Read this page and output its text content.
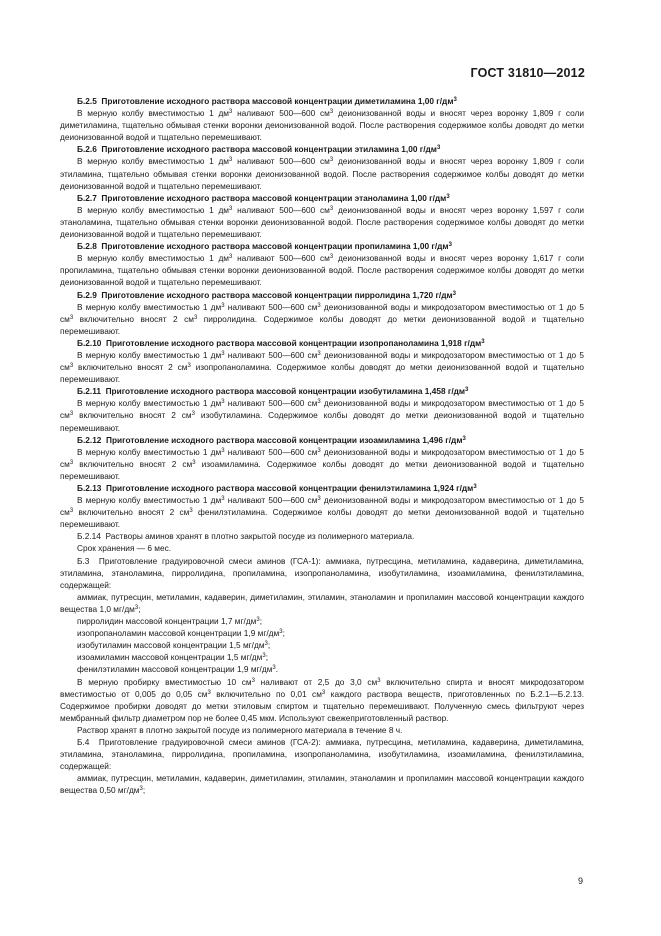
ГОСТ 31810—2012

Б.2.5  Приготовление исходного раствора массовой концентрации диметиламина 1,00 $г/дм^3$

В мерную колбу вместимостью 1 $дм^3$ наливают 500—600 $см^3$ деионизованной воды и вносят через воронку 1,809 г соли диметиламина, тщательно обмывая стенки воронки деионизованной водой. После растворения содержимое колбы доводят до метки деионизованной водой и тщательно перемешивают.

Б.2.6  Приготовление исходного раствора массовой концентрации этиламина 1,00 $г/дм^3$

В мерную колбу вместимостью 1 $дм^3$ наливают 500—600 $см^3$ деионизованной воды и вносят через воронку 1,809 г соли этиламина, тщательно обмывая стенки воронки деионизованной водой. После растворения содержимое колбы доводят до метки деионизованной водой и тщательно перемешивают.

Б.2.7  Приготовление исходного раствора массовой концентрации этаноламина 1,00 $г/дм^3$

В мерную колбу вместимостью 1 $дм^3$ наливают 500—600 $см^3$ деионизованной воды и вносят через воронку 1,597 г соли этаноламина, тщательно обмывая стенки воронки деионизованной водой. После растворения содержимое колбы доводят до метки деионизованной водой и тщательно перемешивают.

Б.2.8  Приготовление исходного раствора массовой концентрации пропиламина 1,00 $г/дм^3$

В мерную колбу вместимостью 1 $дм^3$ наливают 500—600 $см^3$ деионизованной воды и вносят через воронку 1,617 г соли пропиламина, тщательно обмывая стенки воронки деионизованной водой. После растворения содержимое колбы доводят до метки деионизованной водой и тщательно перемешивают.

Б.2.9  Приготовление исходного раствора массовой концентрации пирролидина 1,720 $г/дм^3$

В мерную колбу вместимостью 1 $дм^3$ наливают 500—600 $см^3$ деионизованной воды и микродозатором вместимостью от 1 до 5 $см^3$ включительно вносят 2 $см^3$ пирролидина. Содержимое колбы доводят до метки деионизованной водой и тщательно перемешивают.

Б.2.10  Приготовление исходного раствора массовой концентрации изопропаноламина 1,918 $г/дм^3$

В мерную колбу вместимостью 1 $дм^3$ наливают 500—600 $см^3$ деионизованной воды и микродозатором вместимостью от 1 до 5 $см^3$ включительно вносят 2 $см^3$ изопропаноламина. Содержимое колбы доводят до метки деионизованной водой и тщательно перемешивают.

Б.2.11  Приготовление исходного раствора массовой концентрации изобутиламина 1,458 $г/дм^3$

В мерную колбу вместимостью 1 $дм^3$ наливают 500—600 $см^3$ деионизованной воды и микродозатором вместимостью от 1 до 5 $см^3$ включительно вносят 2 $см^3$ изобутиламина. Содержимое колбы доводят до метки деионизованной водой и тщательно перемешивают.

Б.2.12  Приготовление исходного раствора массовой концентрации изоамиламина 1,496 $г/дм^3$

В мерную колбу вместимостью 1 $дм^3$ наливают 500—600 $см^3$ деионизованной воды и микродозатором вместимостью от 1 до 5 $см^3$ включительно вносят 2 $см^3$ изоамиламина. Содержимое колбы доводят до метки деионизованной водой и тщательно перемешивают.

Б.2.13  Приготовление исходного раствора массовой концентрации фенилэтиламина 1,924 $г/дм^3$

В мерную колбу вместимостью 1 $дм^3$ наливают 500—600 $см^3$ деионизованной воды и микродозатором вместимостью от 1 до 5 $см^3$ включительно вносят 2 $см^3$ фенилэтиламина. Содержимое колбы доводят до метки деионизованной водой и тщательно перемешивают.

Б.2.14  Растворы аминов хранят в плотно закрытой посуде из полимерного материала.

Срок хранения — 6 мес.

Б.3  Приготовление градуировочной смеси аминов (ГСА-1): аммиака, путресцина, метиламина, кадаверина, диметиламина, этиламина, этаноламина, пирролидина, пропиламина, изопропаноламина, изобутиламина, изоамиламина, фенилэтиламина, содержащей:

аммиак, путресцин, метиламин, кадаверин, диметиламин, этиламин, этаноламин и пропиламин массовой концентрации каждого вещества 1,0 $мг/дм^3$;

пирролидин массовой концентрации 1,7 $мг/дм^3$;

изопропаноламин массовой концентрации 1,9 $мг/дм^3$;

изобутиламин массовой концентрации 1,5 $мг/дм^3$;

изоамиламин массовой концентрации 1,5 $мг/дм^3$;

фенилэтиламин массовой концентрации 1,9 $мг/дм^3$.

В мерную пробирку вместимостью 10 $см^3$ наливают от 2,5 до 3,0 $см^3$ включительно спирта и вносят микродозатором вместимостью от 0,005 до 0,05 $см^3$ включительно по 0,01 $см^3$ каждого раствора веществ, приготовленных по Б.2.1—Б.2.13. Содержимое пробирки доводят до метки этиловым спиртом и тщательно перемешивают. Полученную смесь фильтруют через мембранный фильтр диаметром пор не более 0,45 мкм. Используют свежеприготовленный раствор.

Раствор хранят в плотно закрытой посуде из полимерного материала в течение 8 ч.

Б.4  Приготовление градуировочной смеси аминов (ГСА-2): аммиака, путресцина, метиламина, кадаверина, диметиламина, этиламина, этаноламина, пирролидина, пропиламина, изопропаноламина, изобутиламина, изоамиламина, фенилэтиламина, содержащей:

аммиак, путресцин, метиламин, кадаверин, диметиламин, этиламин, этаноламин и пропиламин массовой концентрации каждого вещества 0,50 $мг/дм^3$;

9
